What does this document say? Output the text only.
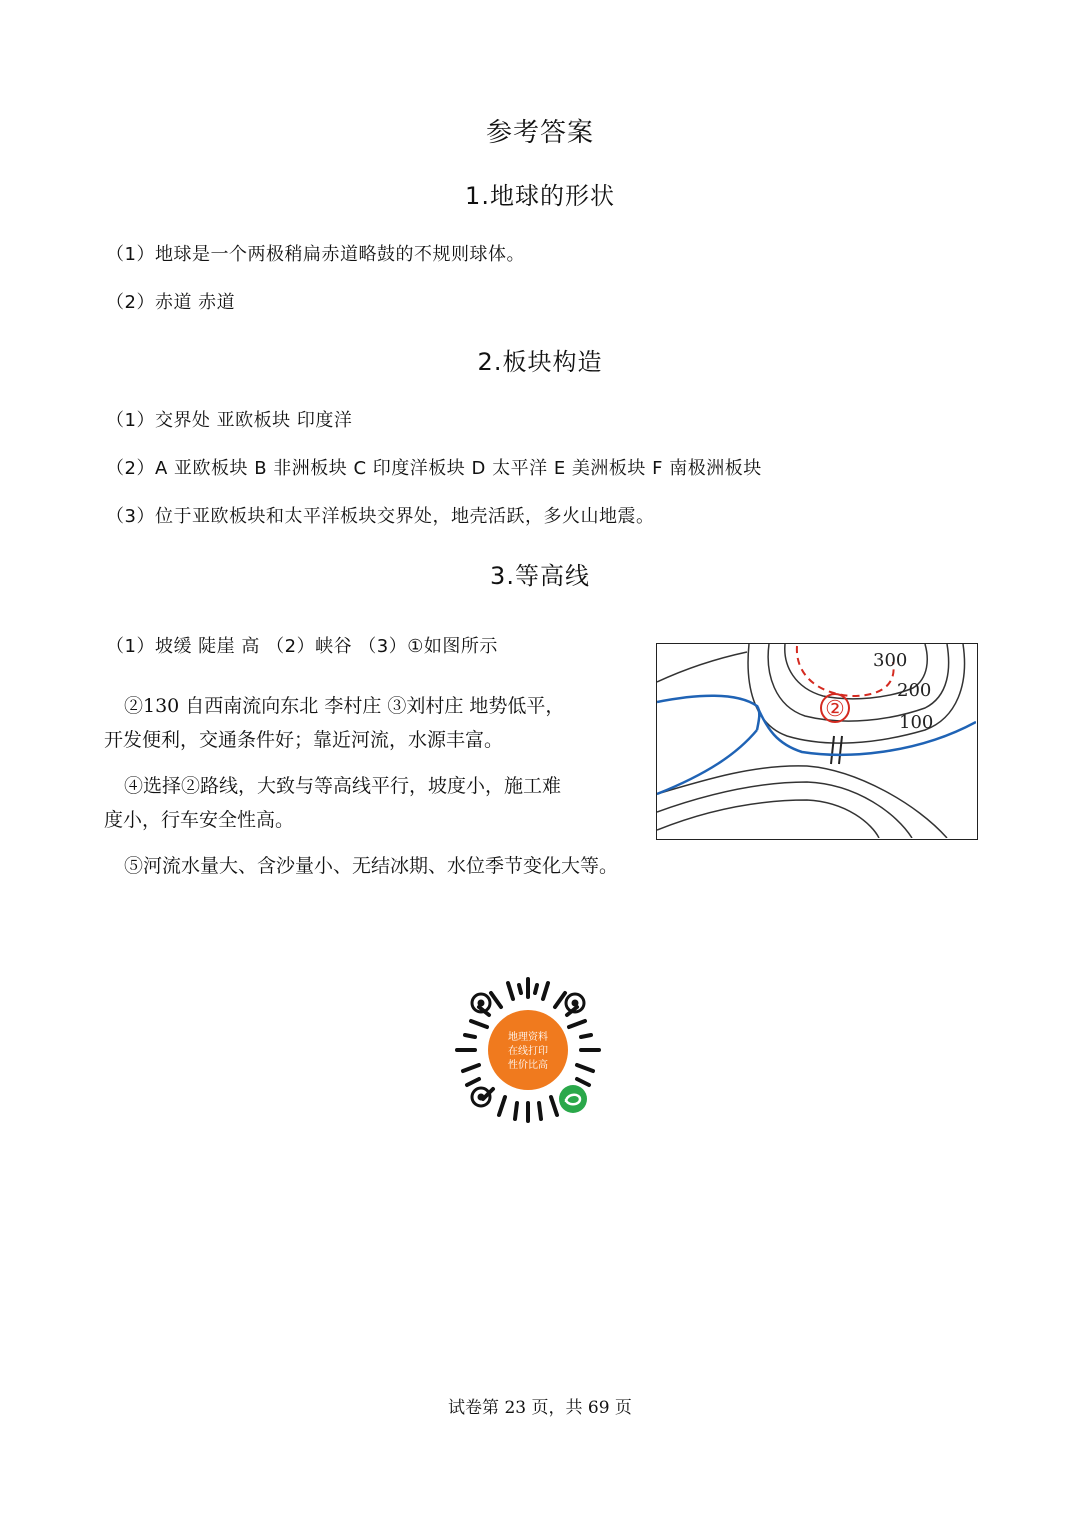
参考答案
1.地球的形状
（1）地球是一个两极稍扁赤道略鼓的不规则球体。
（2）赤道 赤道
2.板块构造
（1）交界处 亚欧板块 印度洋
（2）A 亚欧板块 B 非洲板块 C 印度洋板块 D 太平洋 E 美洲板块 F 南极洲板块
（3）位于亚欧板块和太平洋板块交界处，地壳活跃，多火山地震。
3.等高线
（1）坡缓 陡崖 高 （2）峡谷 （3）①如图所示
②130 自西南流向东北 李村庄 ③刘村庄 地势低平，
开发便利，交通条件好；靠近河流，水源丰富。
④选择②路线，大致与等高线平行，坡度小，施工难
度小，行车安全性高。
⑤河流水量大、含沙量小、无结冰期、水位季节变化大等。
②
300
200
100
地理资料
在线打印
性价比高
试卷第 23 页，共 69 页
